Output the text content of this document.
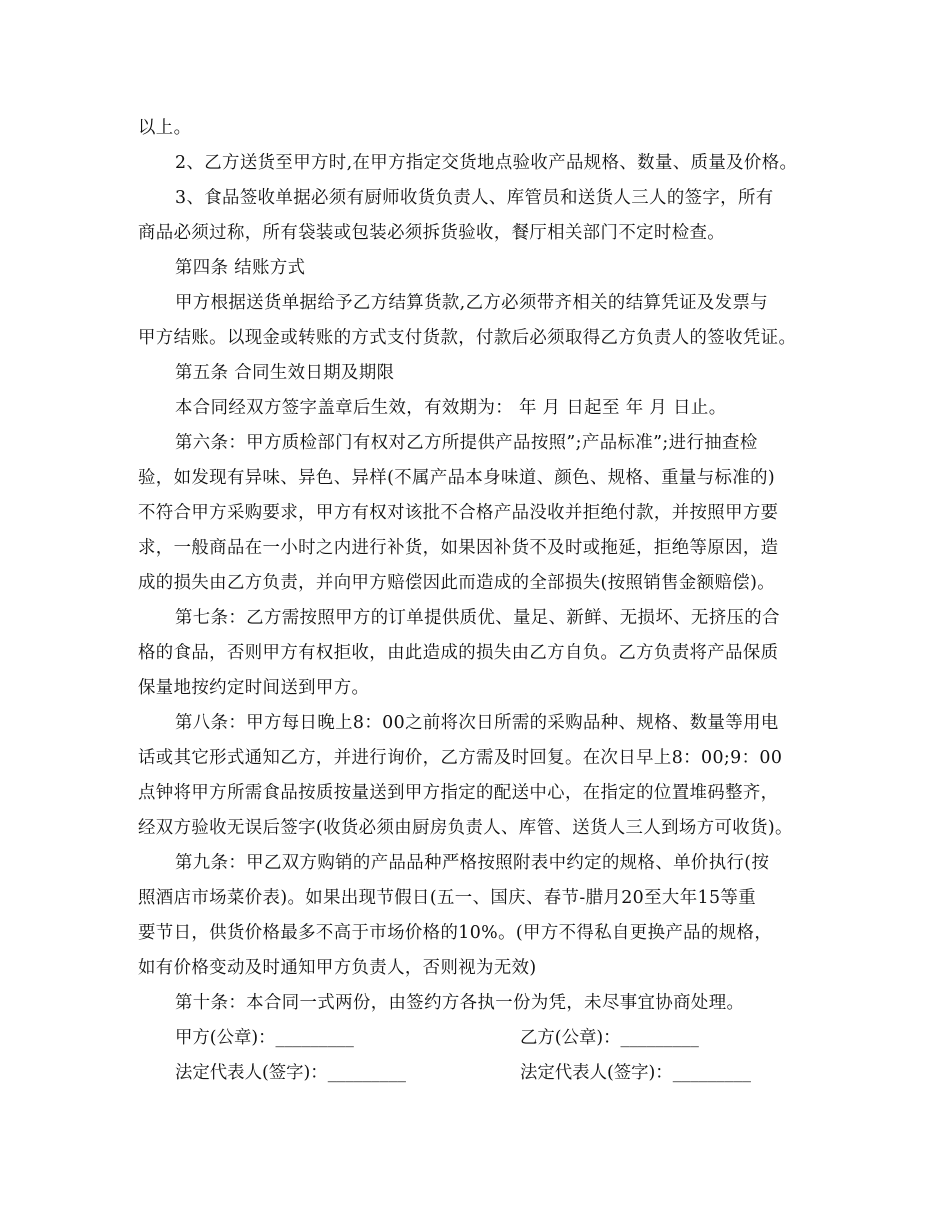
以上。

2、乙方送货至甲方时,在甲方指定交货地点验收产品规格、数量、质量及价格。

3、食品签收单据必须有厨师收货负责人、库管员和送货人三人的签字，所有

商品必须过称，所有袋装或包装必须拆货验收，餐厅相关部门不定时检查。

第四条 结账方式

甲方根据送货单据给予乙方结算货款,乙方必须带齐相关的结算凭证及发票与

甲方结账。以现金或转账的方式支付货款，付款后必须取得乙方负责人的签收凭证。

第五条 合同生效日期及期限

本合同经双方签字盖章后生效，有效期为： 年 月 日起至 年 月 日止。

第六条：甲方质检部门有权对乙方所提供产品按照”;产品标准”;进行抽查检

验，如发现有异味、异色、异样(不属产品本身味道、颜色、规格、重量与标准的)

不符合甲方采购要求，甲方有权对该批不合格产品没收并拒绝付款，并按照甲方要

求，一般商品在一小时之内进行补货，如果因补货不及时或拖延，拒绝等原因，造

成的损失由乙方负责，并向甲方赔偿因此而造成的全部损失(按照销售金额赔偿)。

第七条：乙方需按照甲方的订单提供质优、量足、新鲜、无损坏、无挤压的合

格的食品，否则甲方有权拒收，由此造成的损失由乙方自负。乙方负责将产品保质

保量地按约定时间送到甲方。

第八条：甲方每日晚上8：00之前将次日所需的采购品种、规格、数量等用电

话或其它形式通知乙方，并进行询价，乙方需及时回复。在次日早上8：00;9：00

点钟将甲方所需食品按质按量送到甲方指定的配送中心，在指定的位置堆码整齐，

经双方验收无误后签字(收货必须由厨房负责人、库管、送货人三人到场方可收货)。

第九条：甲乙双方购销的产品品种严格按照附表中约定的规格、单价执行(按

照酒店市场菜价表)。如果出现节假日(五一、国庆、春节-腊月20至大年15等重

要节日，供货价格最多不高于市场价格的10%。(甲方不得私自更换产品的规格，

如有价格变动及时通知甲方负责人，否则视为无效)

第十条：本合同一式两份，由签约方各执一份为凭，未尽事宜协商处理。

甲方(公章)：_________	乙方(公章)：_________

法定代表人(签字)：_________	法定代表人(签字)：_________
